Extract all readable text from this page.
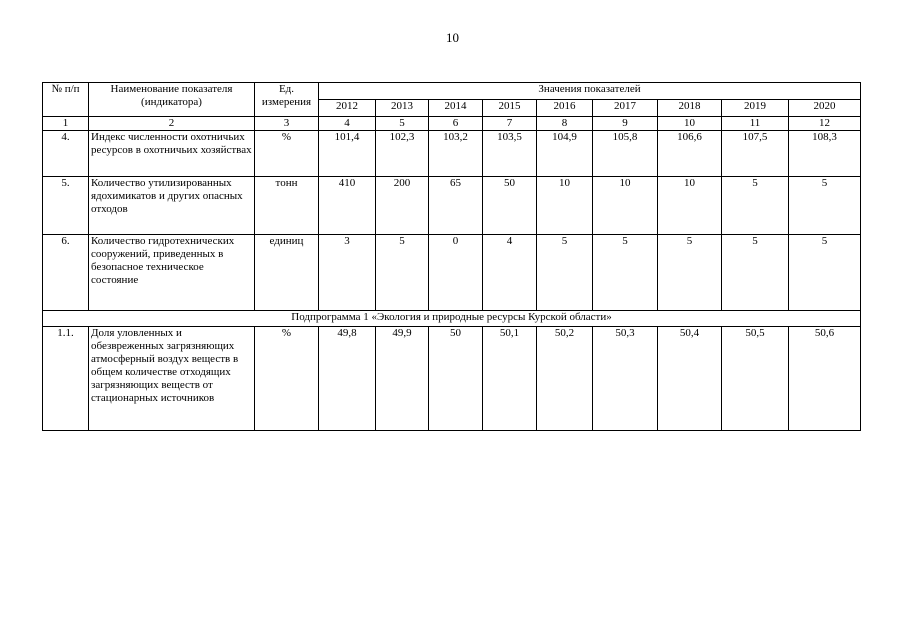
10
№ п/п	Наименование показателя (индикатора)	Ед. измерения	Значения показателей								
			2012	2013	2014	2015	2016	2017	2018	2019	2020
1	2	3	4	5	6	7	8	9	10	11	12
4.	Индекс численности охотничьих ресурсов в охотничьих хозяйствах	%	101,4	102,3	103,2	103,5	104,9	105,8	106,6	107,5	108,3
5.	Количество утилизированных ядохимикатов и других опасных отходов	тонн	410	200	65	50	10	10	10	5	5
6.	Количество гидротехнических сооружений, приведенных в безопасное техническое состояние	единиц	3	5	0	4	5	5	5	5	5
Подпрограмма 1 «Экология и природные ресурсы Курской области»											
1.1.	Доля уловленных и обезвреженных загрязняющих атмосферный воздух веществ в общем количестве отходящих загрязняющих веществ от стационарных источников	%	49,8	49,9	50	50,1	50,2	50,3	50,4	50,5	50,6
